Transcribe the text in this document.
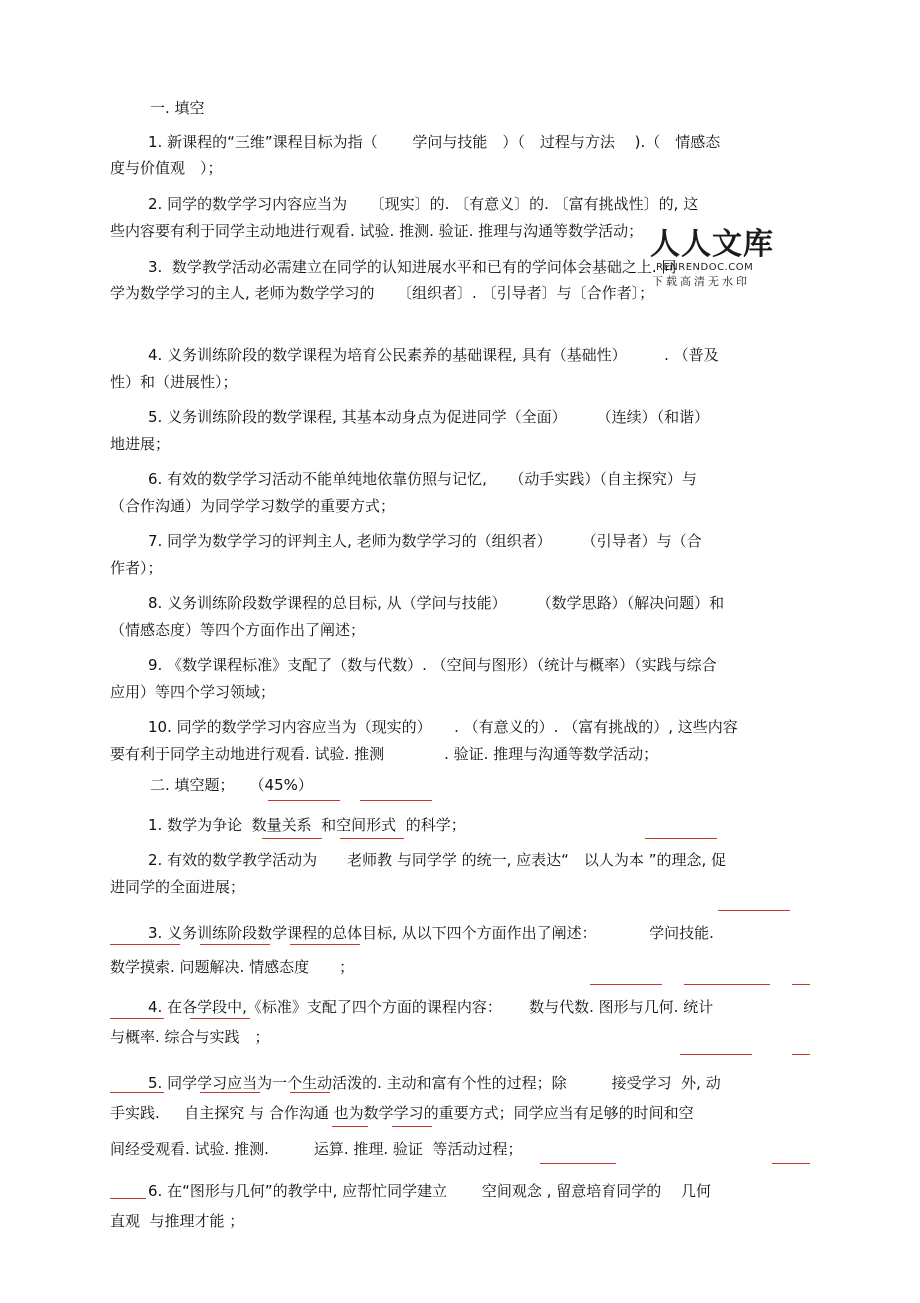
人人文库
RENRENDOC.COM
下载高清无水印
一. 填空
1. 新课程的“三维”课程目标为指（　　 学问与技能　）（　过程与方法　 ).（　情感态
度与价值观　）；
2. 同学的数学学习内容应当为　　〔现实〕的. 〔有意义〕的. 〔富有挑战性〕的, 这
些内容要有利于同学主动地进行观看. 试验. 推测. 验证. 推理与沟通等数学活动；
3.  数学教学活动必需建立在同学的认知进展水平和已有的学问体会基础之上. 同
学为数学学习的主人, 老师为数学学习的　　〔组织者〕. 〔引导者〕与〔合作者〕；
4. 义务训练阶段的数学课程为培育公民素养的基础课程, 具有（基础性）　　　. （普及
性）和（进展性）；
5. 义务训练阶段的数学课程, 其基本动身点为促进同学（全面）　　　（连续）（和谐）
地进展；
6. 有效的数学学习活动不能单纯地依靠仿照与记忆,　　（动手实践）（自主探究）与
（合作沟通）为同学学习数学的重要方式；
7. 同学为数学学习的评判主人, 老师为数学学习的（组织者）　　　（引导者）与（合
作者）；
8. 义务训练阶段数学课程的总目标, 从（学问与技能）　　　（数学思路）（解决问题）和
（情感态度）等四个方面作出了阐述；
9. 《数学课程标准》支配了（数与代数）. （空间与图形）（统计与概率）（实践与综合
应用）等四个学习领域；
10. 同学的数学学习内容应当为（现实的）　　. （有意义的）. （富有挑战的）, 这些内容
要有利于同学主动地进行观看. 试验. 推测　　　　. 验证. 推理与沟通等数学活动；
二. 填空题；　　（45%）
1. 数学为争论  数量关系  和空间形式  的科学；
2. 有效的数学教学活动为　　老师教 与同学学 的统一, 应表达“　以人为本 ”的理念, 促
进同学的全面进展；
3. 义务训练阶段数学课程的总体目标, 从以下四个方面作出了阐述：　　　　学问技能.
数学摸索. 问题解决. 情感态度　　；
4. 在各学段中,《标准》支配了四个方面的课程内容：　　 数与代数. 图形与几何. 统计
与概率. 综合与实践　；
5. 同学学习应当为一个生动活泼的. 主动和富有个性的过程；除　　　接受学习  外, 动
手实践.　  自主探究 与 合作沟通 也为数学学习的重要方式；同学应当有足够的时间和空
间经受观看. 试验. 推测.　　　运算. 推理. 验证  等活动过程；
6. 在“图形与几何”的教学中, 应帮忙同学建立　　 空间观念 , 留意培育同学的　 几何
直观  与推理才能 ；
